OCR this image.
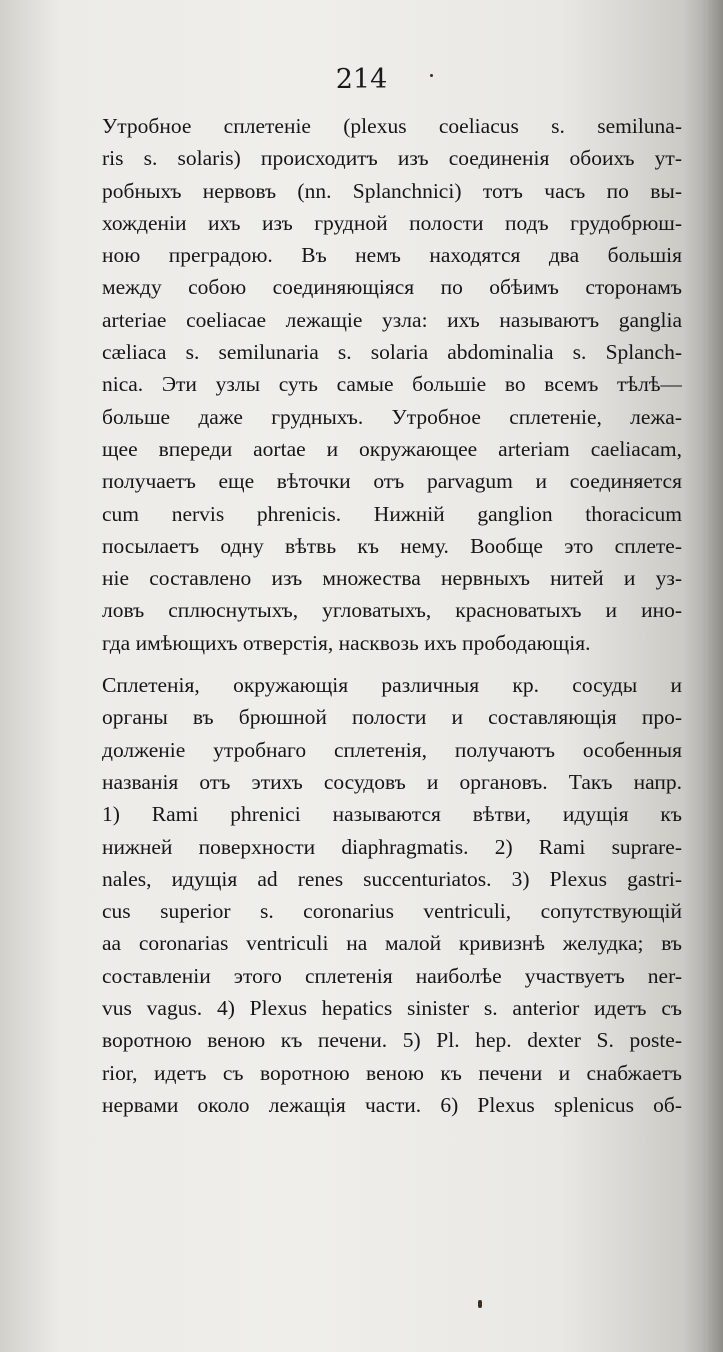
214
Утробное сплетеніе (plexus coeliacus s. semiluna-
ris s. solaris) происходитъ изъ соединенія обоихъ ут-
робныхъ нервовъ (nn. Splanchnici) тотъ часъ по вы-
хожденіи ихъ изъ грудной полости подъ грудобрюш-
ною преградою. Въ немъ находятся два большія
между собою соединяющіяся по обѣимъ сторонамъ
arteriae coeliacae лежащіе узла: ихъ называютъ gangliа
cæliaca s. semilunaria s. solaria abdominalia s. Splanch-
nica. Эти узлы суть самые большіе во всемъ тѣлѣ—
больше даже грудныхъ. Утробное сплетеніе, лежа-
щее впереди aortae и окружающее arteriam caeliacam,
получаетъ еще вѣточки отъ parvagum и соединяется
cum nervis phrenicis. Нижній ganglion thoracicum
посылаетъ одну вѣтвь къ нему. Вообще это сплете-
ніе составлено изъ множества нервныхъ нитей и уз-
ловъ сплюснутыхъ, угловатыхъ, красноватыхъ и ино-
гда имѣющихъ отверстія, насквозь ихъ прободающія.
Сплетенія, окружающія различныя кр. сосуды и
органы въ брюшной полости и составляющія про-
долженіе утробнаго сплетенія, получаютъ особенныя
названія отъ этихъ сосудовъ и органовъ. Такъ напр.
1) Rami phrenici называются вѣтви, идущія къ
нижней поверхности diaphragmatis. 2) Rami suprare-
nales, идущія ad renes succenturiatos. 3) Plexus gastri-
cus superior s. coronarius ventriculi, сопутствующій
aa coronarias ventriculi на малой кривизнѣ желудка; въ
составленіи этого сплетенія наиболѣе участвуетъ ner-
vus vagus. 4) Plexus hepatics sinister s. anterior идетъ съ
воротною веною къ печени. 5) Pl. hep. dexter S. poste-
rior, идетъ съ воротною веною къ печени и снабжаетъ
нервами около лежащія части. 6) Plexus splenicus об-
